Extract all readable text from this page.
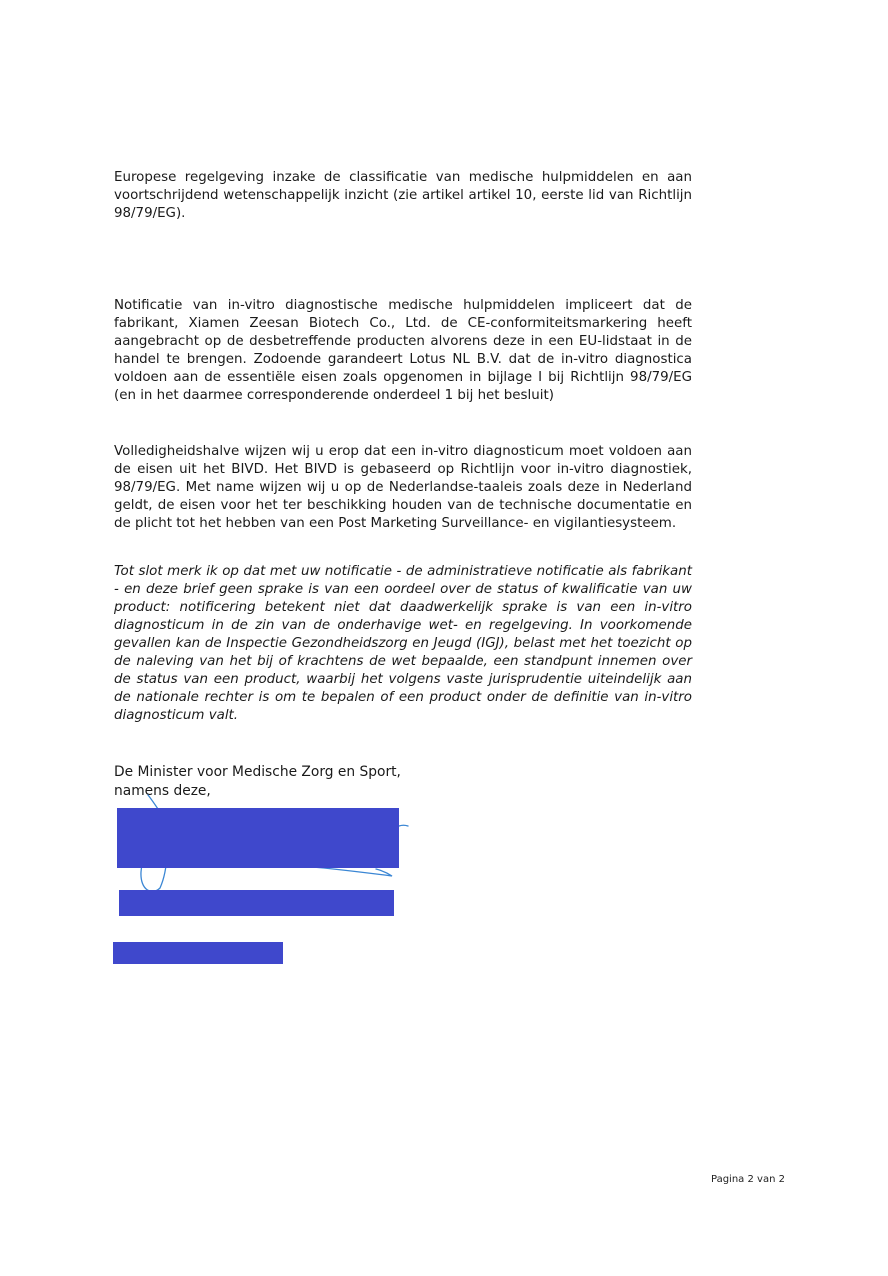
Europese regelgeving inzake de classificatie van medische hulpmiddelen en aan voortschrijdend wetenschappelijk inzicht (zie artikel artikel 10, eerste lid van Richtlijn 98/79/EG).

Notificatie van in-vitro diagnostische medische hulpmiddelen impliceert dat de fabrikant, Xiamen Zeesan Biotech Co., Ltd. de CE-conformiteitsmarkering heeft aangebracht op de desbetreffende producten alvorens deze in een EU-lidstaat in de handel te brengen. Zodoende garandeert Lotus NL B.V. dat de in-vitro diagnostica voldoen aan de essentiële eisen zoals opgenomen in bijlage I bij Richtlijn 98/79/EG (en in het daarmee corresponderende onderdeel 1 bij het besluit)

Volledigheidshalve wijzen wij u erop dat een in-vitro diagnosticum moet voldoen aan de eisen uit het BIVD. Het BIVD is gebaseerd op Richtlijn voor in-vitro diagnostiek, 98/79/EG. Met name wijzen wij u op de Nederlandse-taaleis zoals deze in Nederland geldt, de eisen voor het ter beschikking houden van de technische documentatie en de plicht tot het hebben van een Post Marketing Surveillance- en vigilantiesysteem.

Tot slot merk ik op dat met uw notificatie - de administratieve notificatie als fabrikant - en deze brief geen sprake is van een oordeel over de status of kwalificatie van uw product: notificering betekent niet dat daadwerkelijk sprake is van een in-vitro diagnosticum in de zin van de onderhavige wet- en regelgeving. In voorkomende gevallen kan de Inspectie Gezondheidszorg en Jeugd (IGJ), belast met het toezicht op de naleving van het bij of krachtens de wet bepaalde, een standpunt innemen over de status van een product, waarbij het volgens vaste jurisprudentie uiteindelijk aan de nationale rechter is om te bepalen of een product onder de definitie van in-vitro diagnosticum valt.

De Minister voor Medische Zorg en Sport,

namens deze,

Pagina 2 van 2
